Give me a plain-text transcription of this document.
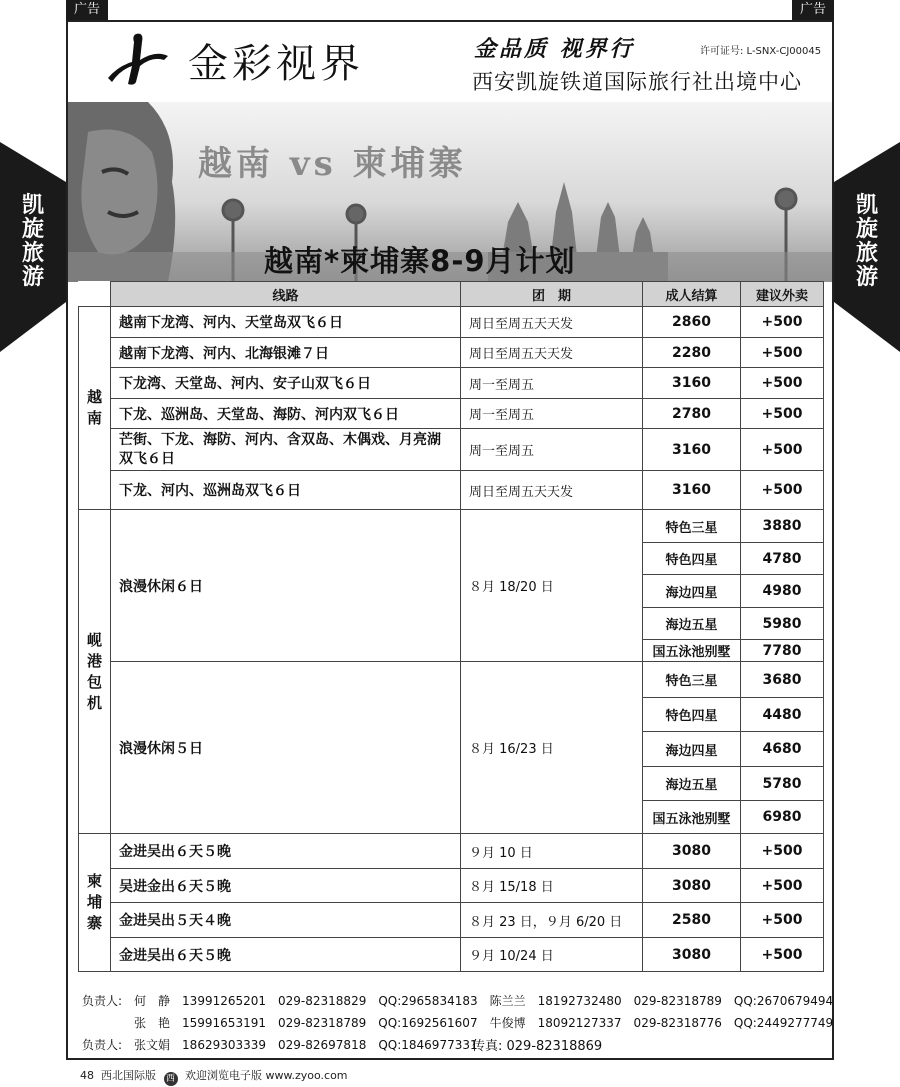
广告	广告
凯旋旅游
凯旋旅游
金彩视界	金品质 视界行	许可证号: L-SNX-CJ00045
西安凯旋铁道国际旅行社出境中心
越南 vs 柬埔寨
越南*柬埔寨8-9月计划
	线路	团　期	成人结算	建议外卖

越南	越南下龙湾、河内、天堂岛双飞６日	周日至周五天天发	2860	+500
	越南下龙湾、河内、北海银滩７日	周日至周五天天发	2280	+500
	下龙湾、天堂岛、河内、安子山双飞６日	周一至周五	3160	+500
	下龙、巡洲岛、天堂岛、海防、河内双飞６日	周一至周五	2780	+500
	芒街、下龙、海防、河内、含双岛、木偶戏、月亮湖双飞６日	周一至周五	3160	+500
	下龙、河内、巡洲岛双飞６日	周日至周五天天发	3160	+500

岘港包机	浪漫休闲６日	８月 18/20 日	特色三星	3880
			特色四星	4780
			海边四星	4980
			海边五星	5980
			国五泳池别墅	7780
	浪漫休闲５日	８月 16/23 日	特色三星	3680
			特色四星	4480
			海边四星	4680
			海边五星	5780
			国五泳池别墅	6980

柬埔寨	金进吴出６天５晚	９月 10 日	3080	+500
	吴进金出６天５晚	８月 15/18 日	3080	+500
	金进吴出５天４晚	８月 23 日，９月 6/20 日	2580	+500
	金进吴出６天５晚	９月 10/24 日	3080	+500
负责人:　何　静　13991265201　029-82318829　QQ:2965834183　陈兰兰　18192732480　029-82318789　QQ:2670679494
张　艳　15991653191　029-82318789　QQ:1692561607　牛俊博　18092127337　029-82318776　QQ:2449277749
负责人:　张文娟　18629303339　029-82697818　QQ:1846977331
传真: 029-82318869
48 西北国际版 西 欢迎浏览电子版 www.zyoo.com
